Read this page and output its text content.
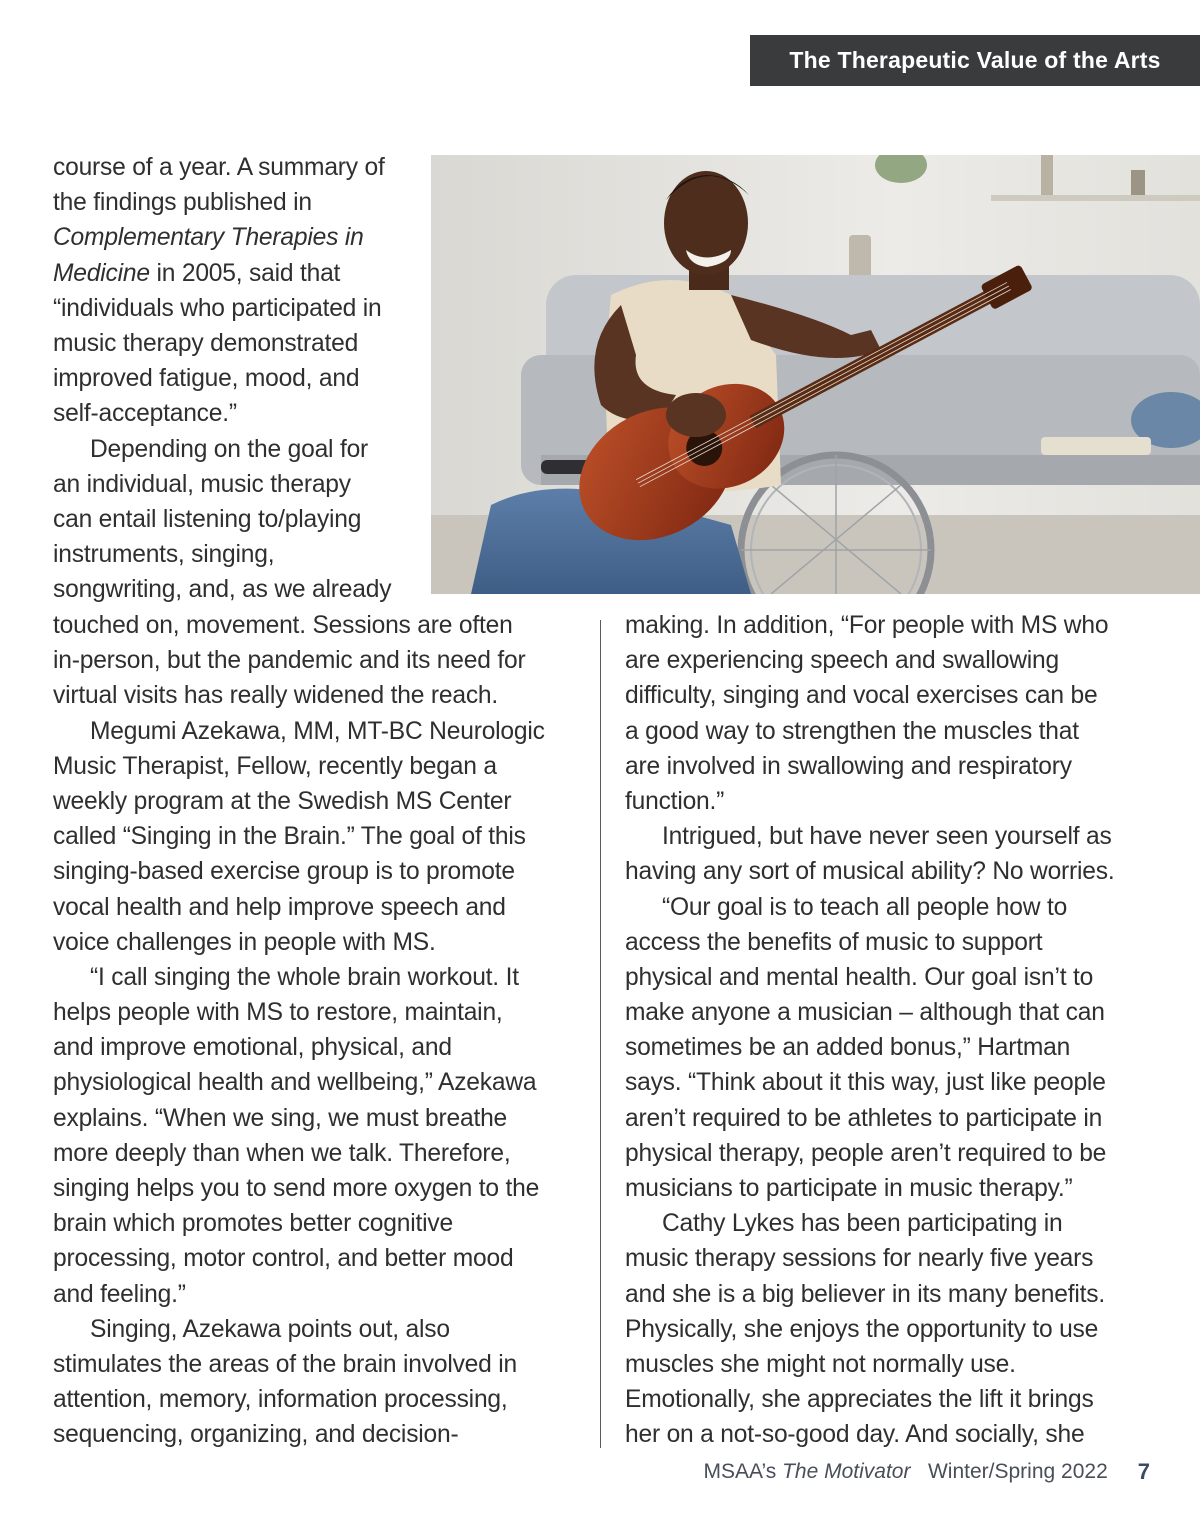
The Therapeutic Value of the Arts
course of a year. A summary of
the findings published in
Complementary Therapies in
Medicine in 2005, said that
“individuals who participated in
music therapy demonstrated
improved fatigue, mood, and
self-acceptance.”
Depending on the goal for
an individual, music therapy
can entail listening to/playing
instruments, singing,
songwriting, and, as we already
touched on, movement. Sessions are often
in-person, but the pandemic and its need for
virtual visits has really widened the reach.
Megumi Azekawa, MM, MT-BC Neurologic
Music Therapist, Fellow, recently began a
weekly program at the Swedish MS Center
called “Singing in the Brain.” The goal of this
singing-based exercise group is to promote
vocal health and help improve speech and
voice challenges in people with MS.
“I call singing the whole brain workout. It
helps people with MS to restore, maintain,
and improve emotional, physical, and
physiological health and wellbeing,” Azekawa
explains. “When we sing, we must breathe
more deeply than when we talk. Therefore,
singing helps you to send more oxygen to the
brain which promotes better cognitive
processing, motor control, and better mood
and feeling.”
Singing, Azekawa points out, also
stimulates the areas of the brain involved in
attention, memory, information processing,
sequencing, organizing, and decision-
making. In addition, “For people with MS who
are experiencing speech and swallowing
difficulty, singing and vocal exercises can be
a good way to strengthen the muscles that
are involved in swallowing and respiratory
function.”
Intrigued, but have never seen yourself as
having any sort of musical ability? No worries.
“Our goal is to teach all people how to
access the benefits of music to support
physical and mental health. Our goal isn’t to
make anyone a musician – although that can
sometimes be an added bonus,” Hartman
says. “Think about it this way, just like people
aren’t required to be athletes to participate in
physical therapy, people aren’t required to be
musicians to participate in music therapy.”
Cathy Lykes has been participating in
music therapy sessions for nearly five years
and she is a big believer in its many benefits.
Physically, she enjoys the opportunity to use
muscles she might not normally use.
Emotionally, she appreciates the lift it brings
her on a not-so-good day. And socially, she
MSAA’s
The Motivator
Winter/Spring 2022 7
